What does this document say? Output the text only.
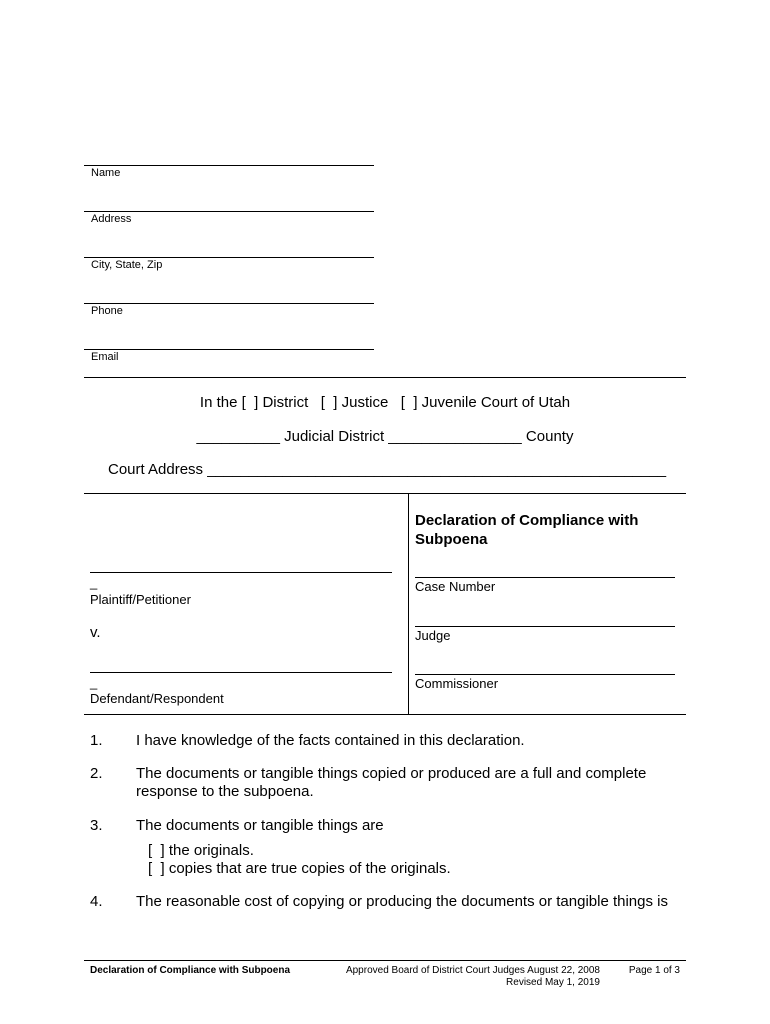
Name
Address
City, State, Zip
Phone
Email
In the [  ] District   [  ] Justice   [  ] Juvenile Court of Utah
__________ Judicial District ________________ County
Court Address _______________________________________________________
_
Plaintiff/Petitioner
v.
_
Defendant/Respondent
Declaration of Compliance with Subpoena
Case Number
Judge
Commissioner
1. I have knowledge of the facts contained in this declaration.
2. The documents or tangible things copied or produced are a full and complete response to the subpoena.
3. The documents or tangible things are
[  ] the originals.
[  ] copies that are true copies of the originals.
4. The reasonable cost of copying or producing the documents or tangible things is
Declaration of Compliance with Subpoena	Approved Board of District Court Judges August 22, 2008
Revised May 1, 2019
Page 1 of 3
